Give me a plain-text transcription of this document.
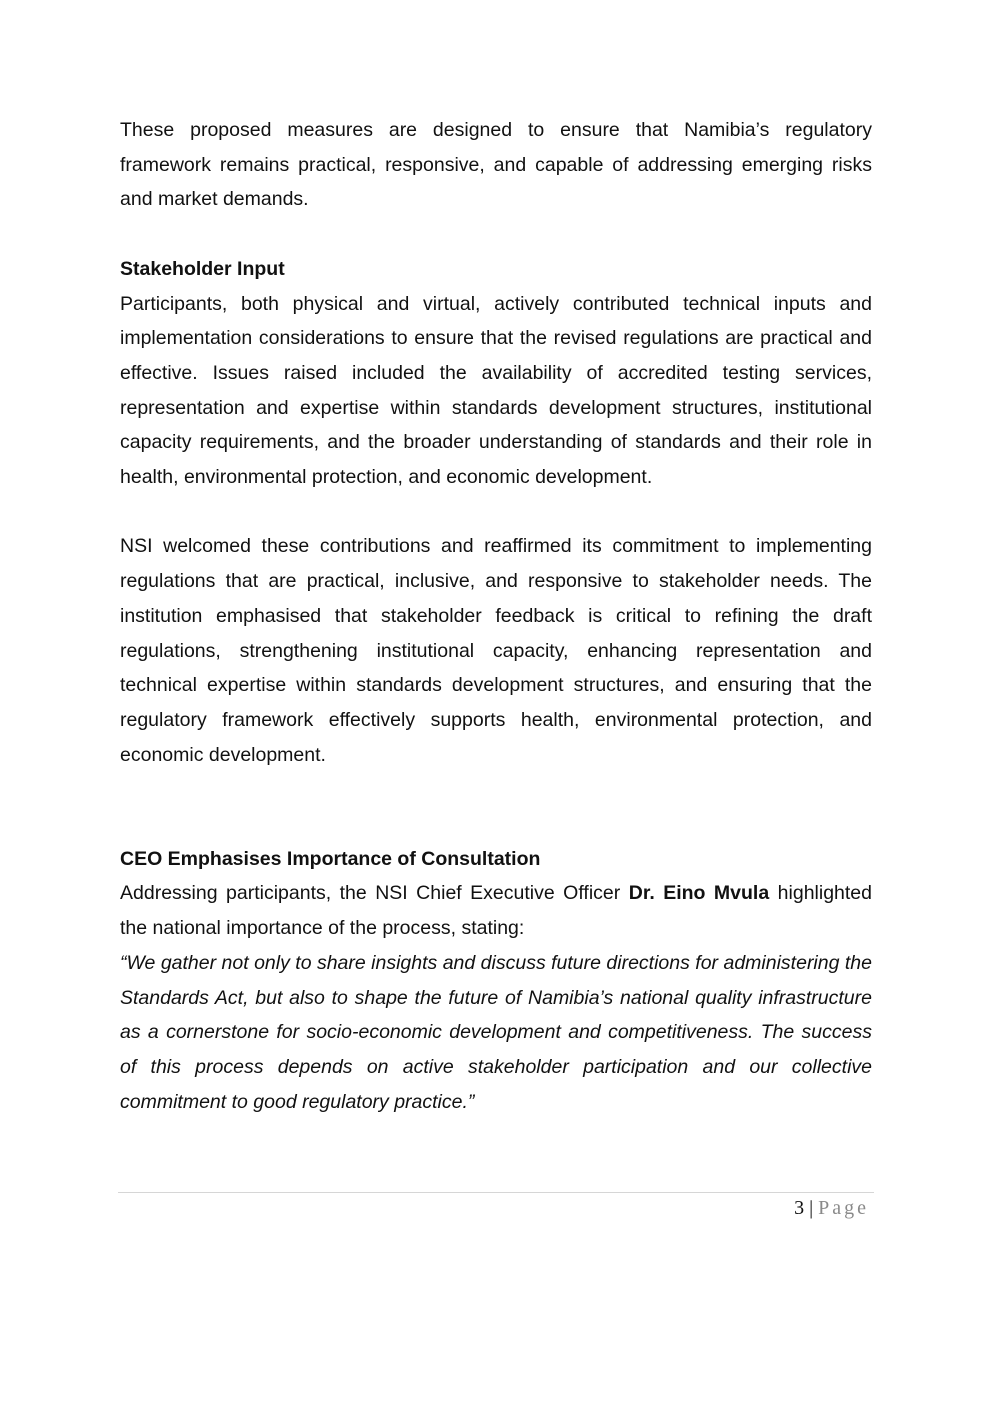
These proposed measures are designed to ensure that Namibia’s regulatory framework remains practical, responsive, and capable of addressing emerging risks and market demands.

Stakeholder Input

Participants, both physical and virtual, actively contributed technical inputs and implementation considerations to ensure that the revised regulations are practical and effective. Issues raised included the availability of accredited testing services, representation and expertise within standards development structures, institutional capacity requirements, and the broader understanding of standards and their role in health, environmental protection, and economic development.

NSI welcomed these contributions and reaffirmed its commitment to implementing regulations that are practical, inclusive, and responsive to stakeholder needs. The institution emphasised that stakeholder feedback is critical to refining the draft regulations, strengthening institutional capacity, enhancing representation and technical expertise within standards development structures, and ensuring that the regulatory framework effectively supports health, environmental protection, and economic development.

CEO Emphasises Importance of Consultation

Addressing participants, the NSI Chief Executive Officer Dr. Eino Mvula highlighted the national importance of the process, stating:

“We gather not only to share insights and discuss future directions for administering the Standards Act, but also to shape the future of Namibia’s national quality infrastructure as a cornerstone for socio-economic development and competitiveness. The success of this process depends on active stakeholder participation and our collective commitment to good regulatory practice.”

3 | Page
